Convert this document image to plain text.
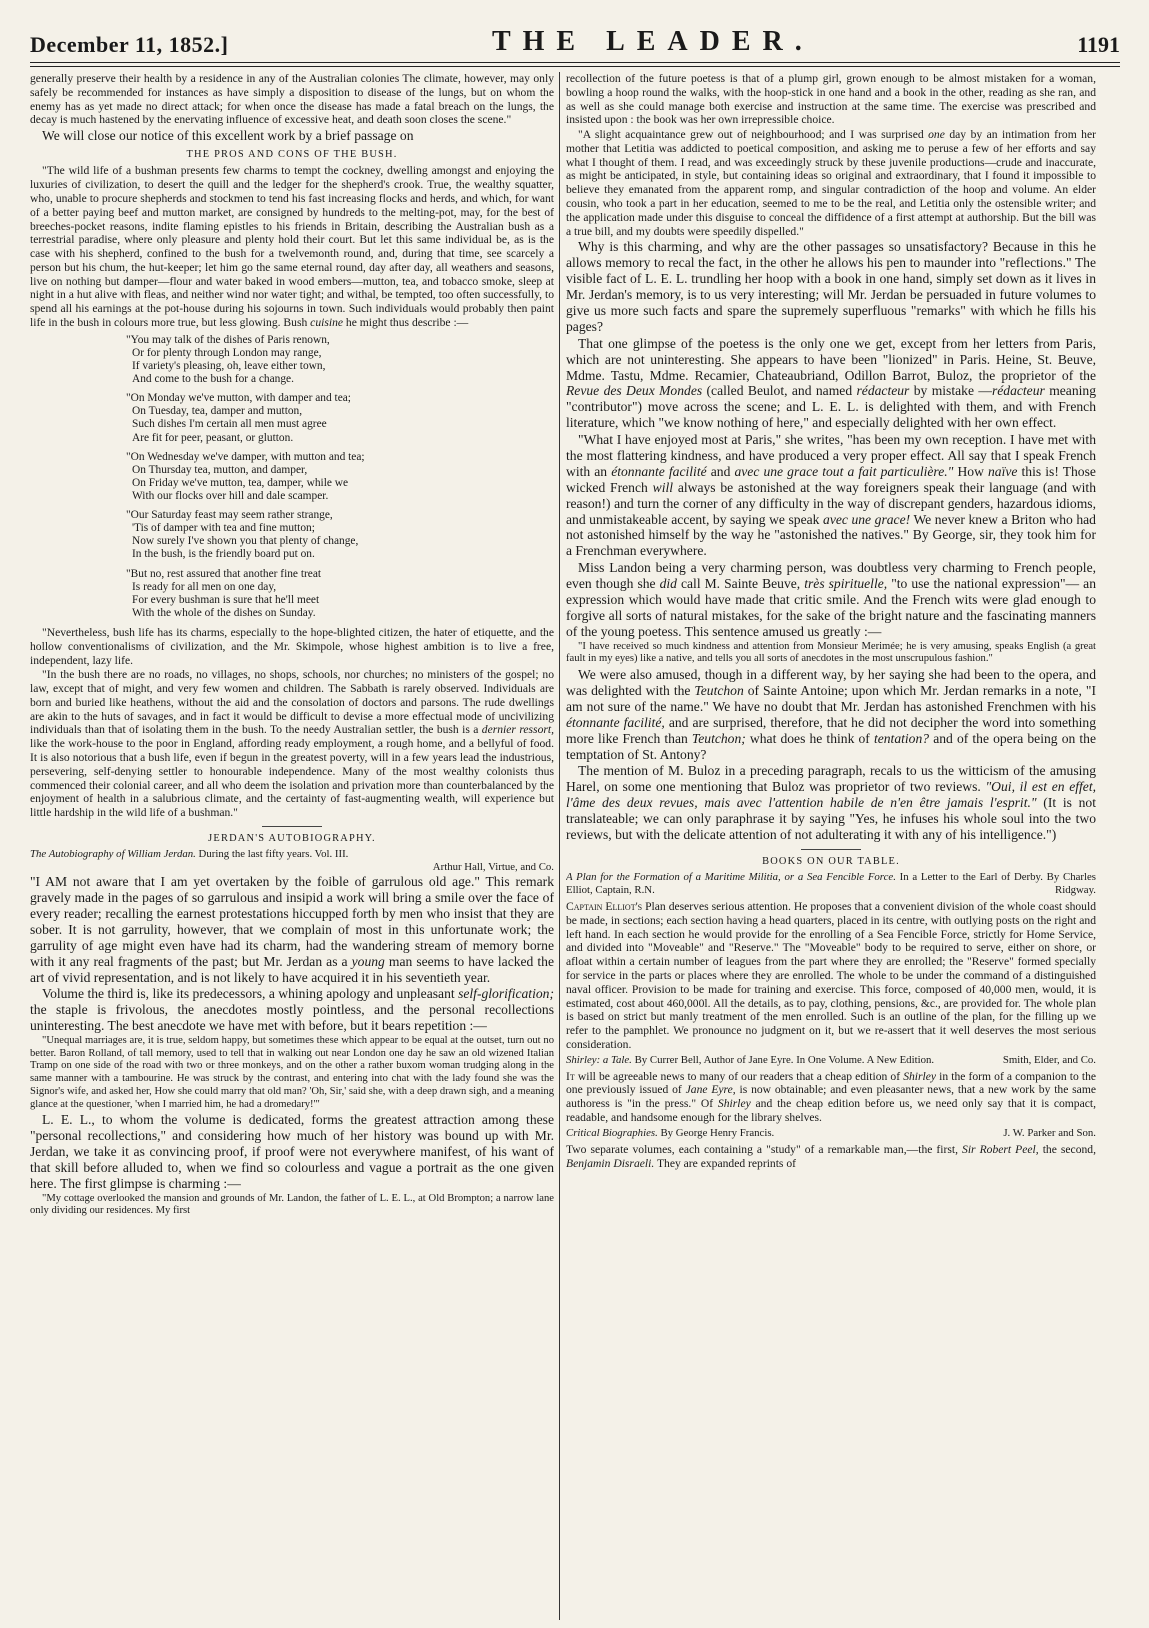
December 11, 1852.]	THE LEADER.	1191

generally preserve their health by a residence in any of the Australian colonies The climate, however, may only safely be recommended for instances as have simply a disposition to disease of the lungs, but on whom the enemy has as yet made no direct attack; for when once the disease has made a fatal breach on the lungs, the decay is much hastened by the enervating influence of excessive heat, and death soon closes the scene."

We will close our notice of this excellent work by a brief passage on

THE PROS AND CONS OF THE BUSH.

"The wild life of a bushman presents few charms to tempt the cockney, dwelling amongst and enjoying the luxuries of civilization, to desert the quill and the ledger for the shepherd's crook. True, the wealthy squatter, who, unable to procure shepherds and stockmen to tend his fast increasing flocks and herds, and which, for want of a better paying beef and mutton market, are consigned by hundreds to the melting-pot, may, for the best of breeches-pocket reasons, indite flaming epistles to his friends in Britain, describing the Australian bush as a terrestrial paradise, where only pleasure and plenty hold their court. But let this same individual be, as is the case with his shepherd, confined to the bush for a twelvemonth round, and, during that time, see scarcely a person but his chum, the hut-keeper; let him go the same eternal round, day after day, all weathers and seasons, live on nothing but damper—flour and water baked in wood embers—mutton, tea, and tobacco smoke, sleep at night in a hut alive with fleas, and neither wind nor water tight; and withal, be tempted, too often successfully, to spend all his earnings at the pot-house during his sojourns in town. Such individuals would probably then paint life in the bush in colours more true, but less glowing. Bush cuisine he might thus describe :—

"You may talk of the dishes of Paris renown,
Or for plenty through London may range,
If variety's pleasing, oh, leave either town,
And come to the bush for a change.
"On Monday we've mutton, with damper and tea;
On Tuesday, tea, damper and mutton,
Such dishes I'm certain all men must agree
Are fit for peer, peasant, or glutton.
"On Wednesday we've damper, with mutton and tea;
On Thursday tea, mutton, and damper,
On Friday we've mutton, tea, damper, while we
With our flocks over hill and dale scamper.
"Our Saturday feast may seem rather strange,
'Tis of damper with tea and fine mutton;
Now surely I've shown you that plenty of change,
In the bush, is the friendly board put on.
"But no, rest assured that another fine treat
Is ready for all men on one day,
For every bushman is sure that he'll meet
With the whole of the dishes on Sunday.

"Nevertheless, bush life has its charms, especially to the hope-blighted citizen, the hater of etiquette, and the hollow conventionalisms of civilization, and the Mr. Skimpole, whose highest ambition is to live a free, independent, lazy life.

"In the bush there are no roads, no villages, no shops, schools, nor churches; no ministers of the gospel; no law, except that of might, and very few women and children. The Sabbath is rarely observed. Individuals are born and buried like heathens, without the aid and the consolation of doctors and parsons. The rude dwellings are akin to the huts of savages, and in fact it would be difficult to devise a more effectual mode of uncivilizing individuals than that of isolating them in the bush. To the needy Australian settler, the bush is a dernier ressort, like the work-house to the poor in England, affording ready employment, a rough home, and a bellyful of food. It is also notorious that a bush life, even if begun in the greatest poverty, will in a few years lead the industrious, persevering, self-denying settler to honourable independence. Many of the most wealthy colonists thus commenced their colonial career, and all who deem the isolation and privation more than counterbalanced by the enjoyment of health in a salubrious climate, and the certainty of fast-augmenting wealth, will experience but little hardship in the wild life of a bushman."

JERDAN'S AUTOBIOGRAPHY.

The Autobiography of William Jerdan. During the last fifty years. Vol. III.

Arthur Hall, Virtue, and Co.

"I AM not aware that I am yet overtaken by the foible of garrulous old age." This remark gravely made in the pages of so garrulous and insipid a work will bring a smile over the face of every reader; recalling the earnest protestations hiccupped forth by men who insist that they are sober. It is not garrulity, however, that we complain of most in this unfortunate work; the garrulity of age might even have had its charm, had the wandering stream of memory borne with it any real fragments of the past; but Mr. Jerdan as a young man seems to have lacked the art of vivid representation, and is not likely to have acquired it in his seventieth year.

Volume the third is, like its predecessors, a whining apology and unpleasant self-glorification; the staple is frivolous, the anecdotes mostly pointless, and the personal recollections uninteresting. The best anecdote we have met with before, but it bears repetition :—

"Unequal marriages are, it is true, seldom happy, but sometimes these which appear to be equal at the outset, turn out no better. Baron Rolland, of tall memory, used to tell that in walking out near London one day he saw an old wizened Italian Tramp on one side of the road with two or three monkeys, and on the other a rather buxom woman trudging along in the same manner with a tambourine. He was struck by the contrast, and entering into chat with the lady found she was the Signor's wife, and asked her, How she could marry that old man? 'Oh, Sir,' said she, with a deep drawn sigh, and a meaning glance at the questioner, 'when I married him, he had a dromedary!'"

L. E. L., to whom the volume is dedicated, forms the greatest attraction among these "personal recollections," and considering how much of her history was bound up with Mr. Jerdan, we take it as convincing proof, if proof were not everywhere manifest, of his want of that skill before alluded to, when we find so colourless and vague a portrait as the one given here. The first glimpse is charming :—

"My cottage overlooked the mansion and grounds of Mr. Landon, the father of L. E. L., at Old Brompton; a narrow lane only dividing our residences. My first

recollection of the future poetess is that of a plump girl, grown enough to be almost mistaken for a woman, bowling a hoop round the walks, with the hoop-stick in one hand and a book in the other, reading as she ran, and as well as she could manage both exercise and instruction at the same time. The exercise was prescribed and insisted upon : the book was her own irrepressible choice.

"A slight acquaintance grew out of neighbourhood; and I was surprised one day by an intimation from her mother that Letitia was addicted to poetical composition, and asking me to peruse a few of her efforts and say what I thought of them. I read, and was exceedingly struck by these juvenile productions—crude and inaccurate, as might be anticipated, in style, but containing ideas so original and extraordinary, that I found it impossible to believe they emanated from the apparent romp, and singular contradiction of the hoop and volume. An elder cousin, who took a part in her education, seemed to me to be the real, and Letitia only the ostensible writer; and the application made under this disguise to conceal the diffidence of a first attempt at authorship. But the bill was a true bill, and my doubts were speedily dispelled."

Why is this charming, and why are the other passages so unsatisfactory? Because in this he allows memory to recal the fact, in the other he allows his pen to maunder into "reflections." The visible fact of L. E. L. trundling her hoop with a book in one hand, simply set down as it lives in Mr. Jerdan's memory, is to us very interesting; will Mr. Jerdan be persuaded in future volumes to give us more such facts and spare the supremely superfluous "remarks" with which he fills his pages?

That one glimpse of the poetess is the only one we get, except from her letters from Paris, which are not uninteresting. She appears to have been "lionized" in Paris. Heine, St. Beuve, Mdme. Tastu, Mdme. Recamier, Chateaubriand, Odillon Barrot, Buloz, the proprietor of the Revue des Deux Mondes (called Beulot, and named rédacteur by mistake —rédacteur meaning "contributor") move across the scene; and L. E. L. is delighted with them, and with French literature, which "we know nothing of here," and especially delighted with her own effect.

"What I have enjoyed most at Paris," she writes, "has been my own reception. I have met with the most flattering kindness, and have produced a very proper effect. All say that I speak French with an étonnante facilité and avec une grace tout a fait particulière." How naïve this is! Those wicked French will always be astonished at the way foreigners speak their language (and with reason!) and turn the corner of any difficulty in the way of discrepant genders, hazardous idioms, and unmistakeable accent, by saying we speak avec une grace! We never knew a Briton who had not astonished himself by the way he "astonished the natives." By George, sir, they took him for a Frenchman everywhere.

Miss Landon being a very charming person, was doubtless very charming to French people, even though she did call M. Sainte Beuve, très spirituelle, "to use the national expression"— an expression which would have made that critic smile. And the French wits were glad enough to forgive all sorts of natural mistakes, for the sake of the bright nature and the fascinating manners of the young poetess. This sentence amused us greatly :—

"I have received so much kindness and attention from Monsieur Merimée; he is very amusing, speaks English (a great fault in my eyes) like a native, and tells you all sorts of anecdotes in the most unscrupulous fashion."

We were also amused, though in a different way, by her saying she had been to the opera, and was delighted with the Teutchon of Sainte Antoine; upon which Mr. Jerdan remarks in a note, "I am not sure of the name." We have no doubt that Mr. Jerdan has astonished Frenchmen with his étonnante facilité, and are surprised, therefore, that he did not decipher the word into something more like French than Teutchon; what does he think of tentation? and of the opera being on the temptation of St. Antony?

The mention of M. Buloz in a preceding paragraph, recals to us the witticism of the amusing Harel, on some one mentioning that Buloz was proprietor of two reviews. "Oui, il est en effet, l'âme des deux revues, mais avec l'attention habile de n'en être jamais l'esprit." (It is not translateable; we can only paraphrase it by saying "Yes, he infuses his whole soul into the two reviews, but with the delicate attention of not adulterating it with any of his intelligence.")

BOOKS ON OUR TABLE.

A Plan for the Formation of a Maritime Militia, or a Sea Fencible Force. In a Letter to the Earl of Derby. By Charles Elliot, Captain, R.N.	Ridgway.

Captain Elliot's Plan deserves serious attention. He proposes that a convenient division of the whole coast should be made, in sections; each section having a head quarters, placed in its centre, with outlying posts on the right and left hand. In each section he would provide for the enrolling of a Sea Fencible Force, strictly for Home Service, and divided into "Moveable" and "Reserve." The "Moveable" body to be required to serve, either on shore, or afloat within a certain number of leagues from the part where they are enrolled; the "Reserve" formed specially for service in the parts or places where they are enrolled. The whole to be under the command of a distinguished naval officer. Provision to be made for training and exercise. This force, composed of 40,000 men, would, it is estimated, cost about 460,000l. All the details, as to pay, clothing, pensions, &c., are provided for. The whole plan is based on strict but manly treatment of the men enrolled. Such is an outline of the plan, for the filling up we refer to the pamphlet. We pronounce no judgment on it, but we re-assert that it well deserves the most serious consideration.

Shirley: a Tale. By Currer Bell, Author of Jane Eyre. In One Volume. A New Edition.	Smith, Elder, and Co.

It will be agreeable news to many of our readers that a cheap edition of Shirley in the form of a companion to the one previously issued of Jane Eyre, is now obtainable; and even pleasanter news, that a new work by the same authoress is "in the press." Of Shirley and the cheap edition before us, we need only say that it is compact, readable, and handsome enough for the library shelves.

Critical Biographies. By George Henry Francis.	J. W. Parker and Son.

Two separate volumes, each containing a "study" of a remarkable man,—the first, Sir Robert Peel, the second, Benjamin Disraeli. They are expanded reprints of
